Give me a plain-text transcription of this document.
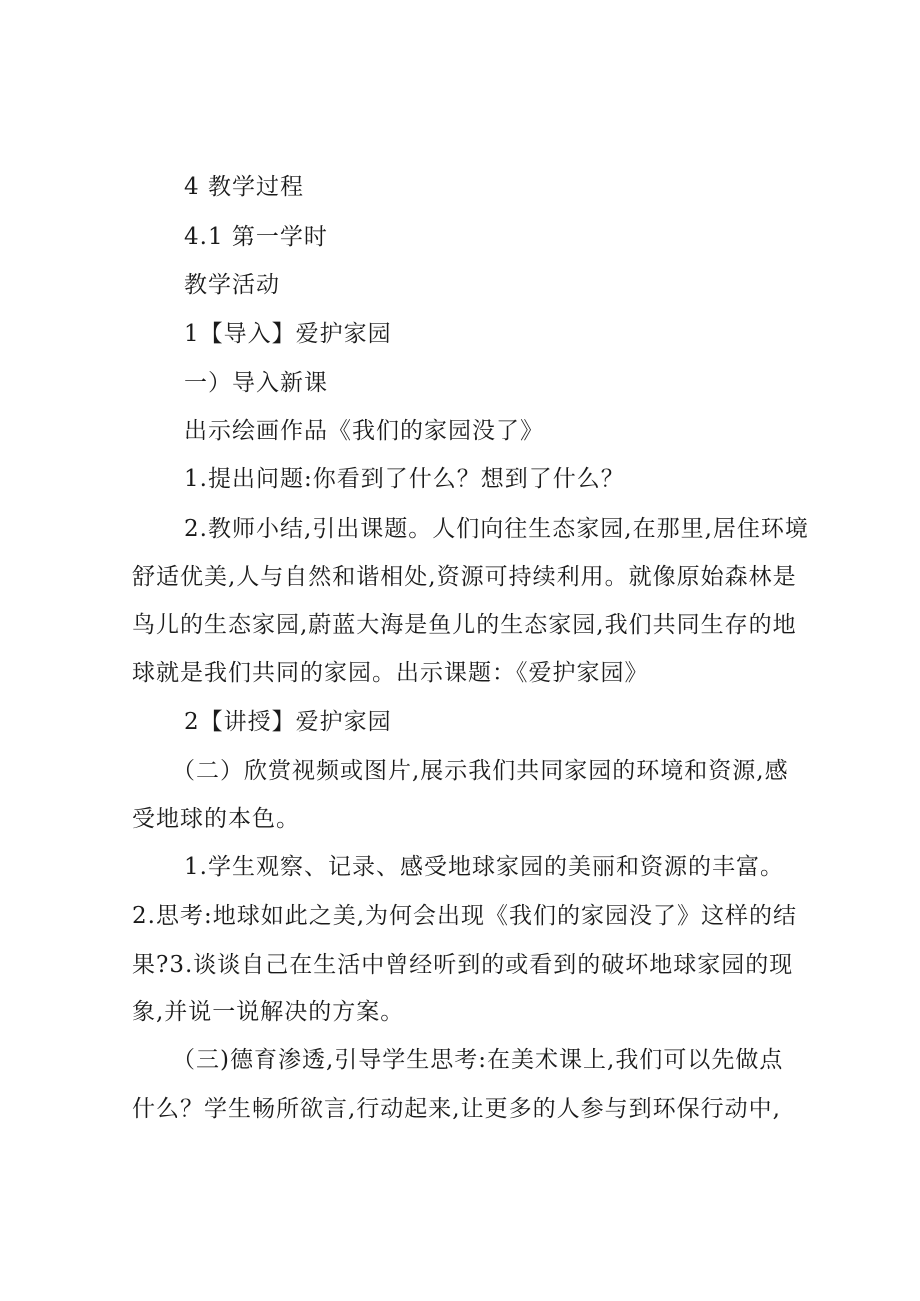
4 教学过程
4.1 第一学时
教学活动
1【导入】爱护家园
一）导入新课
出示绘画作品《我们的家园没了》
1.提出问题:你看到了什么？想到了什么？
2.教师小结,引出课题。人们向往生态家园,在那里,居住环境
舒适优美,人与自然和谐相处,资源可持续利用。就像原始森林是
鸟儿的生态家园,蔚蓝大海是鱼儿的生态家园,我们共同生存的地
球就是我们共同的家园。出示课题：《爱护家园》
2【讲授】爱护家园
（二）欣赏视频或图片,展示我们共同家园的环境和资源,感
受地球的本色。
1.学生观察、记录、感受地球家园的美丽和资源的丰富。
2.思考:地球如此之美,为何会出现《我们的家园没了》这样的结
果?3.谈谈自己在生活中曾经听到的或看到的破坏地球家园的现
象,并说一说解决的方案。
（三)德育渗透,引导学生思考:在美术课上,我们可以先做点
什么？学生畅所欲言,行动起来,让更多的人参与到环保行动中,
